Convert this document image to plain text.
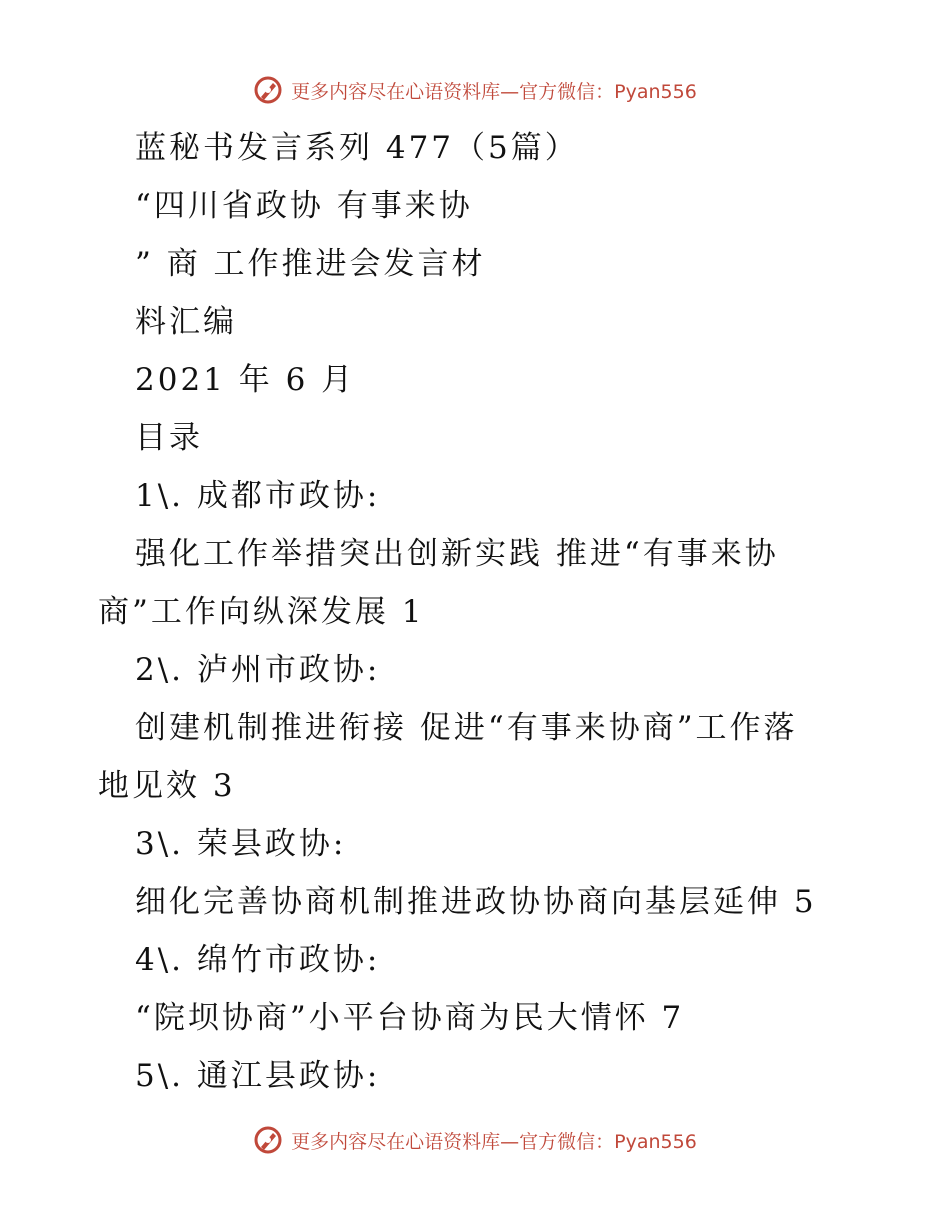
更多内容尽在心语资料库—官方微信：Pyan556
蓝秘书发言系列 477（5篇）
“四川省政协 有事来协
” 商 工作推进会发言材
料汇编
2021 年 6 月
目录
1\. 成都市政协:
强化工作举措突出创新实践 推进“有事来协
商”工作向纵深发展 1
2\. 泸州市政协:
创建机制推进衔接 促进“有事来协商”工作落
地见效 3
3\. 荣县政协:
细化完善协商机制推进政协协商向基层延伸 5
4\. 绵竹市政协:
“院坝协商”小平台协商为民大情怀 7
5\. 通江县政协:
更多内容尽在心语资料库—官方微信：Pyan556
